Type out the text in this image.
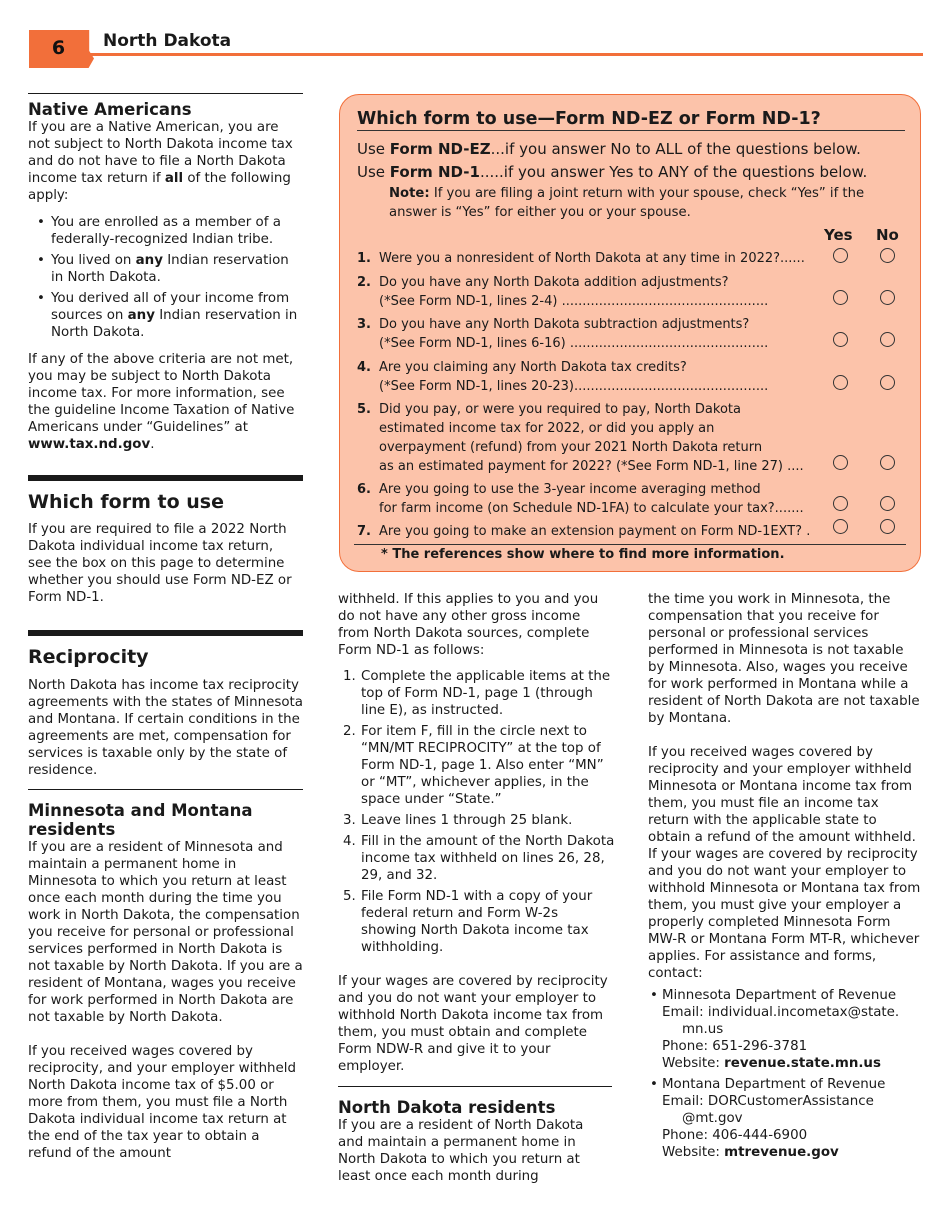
6	North Dakota
Native Americans

If you are a Native American, you are not subject to North Dakota income tax and do not have to file a North Dakota income tax return if all of the following apply:

• You are enrolled as a member of a federally-recognized Indian tribe.
• You lived on any Indian reservation in North Dakota.
• You derived all of your income from sources on any Indian reservation in North Dakota.

If any of the above criteria are not met, you may be subject to North Dakota income tax. For more information, see the guideline Income Taxation of Native Americans under “Guidelines” at www.tax.nd.gov.

Which form to use

If you are required to file a 2022 North Dakota individual income tax return, see the box on this page to determine whether you should use Form ND-EZ or Form ND-1.

Reciprocity

North Dakota has income tax reciprocity agreements with the states of Minnesota and Montana. If certain conditions in the agreements are met, compensation for services is taxable only by the state of residence.

Minnesota and Montana residents

If you are a resident of Minnesota and maintain a permanent home in Minnesota to which you return at least once each month during the time you work in North Dakota, the compensation you receive for personal or professional services performed in North Dakota is not taxable by North Dakota. If you are a resident of Montana, wages you receive for work performed in North Dakota are not taxable by North Dakota.

If you received wages covered by reciprocity, and your employer withheld North Dakota income tax of $5.00 or more from them, you must file a North Dakota individual income tax return at the end of the tax year to obtain a refund of the amount

Which form to use—Form ND-EZ or Form ND-1?
Use Form ND-EZ...if you answer No to ALL of the questions below.
Use Form ND-1.....if you answer Yes to ANY of the questions below.
Note: If you are filing a joint return with your spouse, check “Yes” if the answer is “Yes” for either you or your spouse.
Yes No
1. Were you a nonresident of North Dakota at any time in 2022?......
2. Do you have any North Dakota addition adjustments?
(*See Form ND-1, lines 2-4) ..................................................
3. Do you have any North Dakota subtraction adjustments?
(*See Form ND-1, lines 6-16) ................................................
4. Are you claiming any North Dakota tax credits?
(*See Form ND-1, lines 20-23)...............................................
5. Did you pay, or were you required to pay, North Dakota
estimated income tax for 2022, or did you apply an
overpayment (refund) from your 2021 North Dakota return
as an estimated payment for 2022? (*See Form ND-1, line 27) ....
6. Are you going to use the 3-year income averaging method
for farm income (on Schedule ND-1FA) to calculate your tax?.......
7. Are you going to make an extension payment on Form ND-1EXT? .
* The references show where to find more information.

withheld. If this applies to you and you do not have any other gross income from North Dakota sources, complete Form ND-1 as follows:

1. Complete the applicable items at the top of Form ND-1, page 1 (through line E), as instructed.
2. For item F, fill in the circle next to “MN/MT RECIPROCITY” at the top of Form ND-1, page 1. Also enter “MN” or “MT”, whichever applies, in the space under “State.”
3. Leave lines 1 through 25 blank.
4. Fill in the amount of the North Dakota income tax withheld on lines 26, 28, 29, and 32.
5. File Form ND-1 with a copy of your federal return and Form W-2s showing North Dakota income tax withholding.

If your wages are covered by reciprocity and you do not want your employer to withhold North Dakota income tax from them, you must obtain and complete Form NDW-R and give it to your employer.

North Dakota residents

If you are a resident of North Dakota and maintain a permanent home in North Dakota to which you return at least once each month during

the time you work in Minnesota, the compensation that you receive for personal or professional services performed in Minnesota is not taxable by Minnesota. Also, wages you receive for work performed in Montana while a resident of North Dakota are not taxable by Montana.

If you received wages covered by reciprocity and your employer withheld Minnesota or Montana income tax from them, you must file an income tax return with the applicable state to obtain a refund of the amount withheld. If your wages are covered by reciprocity and you do not want your employer to withhold Minnesota or Montana tax from them, you must give your employer a properly completed Minnesota Form MW-R or Montana Form MT-R, whichever applies. For assistance and forms, contact:

• Minnesota Department of Revenue
Email: individual.incometax@state.
mn.us
Phone: 651-296-3781
Website: revenue.state.mn.us
• Montana Department of Revenue
Email: DORCustomerAssistance
@mt.gov
Phone: 406-444-6900
Website: mtrevenue.gov
